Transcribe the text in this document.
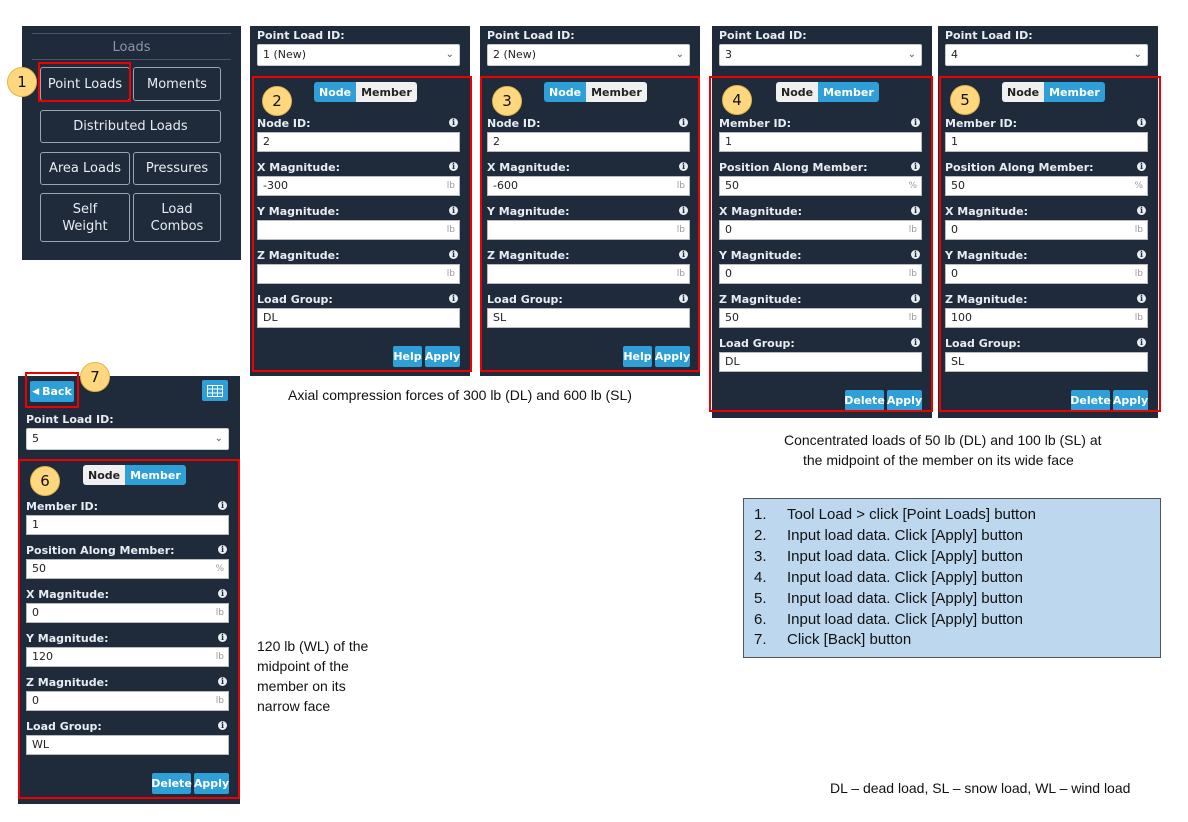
Loads
Point Loads	Moments
Distributed Loads
Area Loads	Pressures
Self
Weight
Load
Combos
1
Point Load ID:
1 (New)	⌄
Node Member
Node ID:	i
2
X Magnitude:	i
-300	lb
Y Magnitude:	i
lb
Z Magnitude:	i
lb
Load Group:	i
DL
Help Apply
2
Point Load ID:
2 (New)	⌄
Node Member
Node ID:	i
2
X Magnitude:	i
-600	lb
Y Magnitude:	i
lb
Z Magnitude:	i
lb
Load Group:	i
SL
Help Apply
3
Point Load ID:
3	⌄
Node Member
Member ID:	i
1
Position Along Member:	i
50	%
X Magnitude:	i
0	lb
Y Magnitude:	i
0	lb
Z Magnitude:	i
50	lb
Load Group:	i
DL
Delete Apply
4
Point Load ID:
4	⌄
Node Member
Member ID:	i
1
Position Along Member:	i
50	%
X Magnitude:	i
0	lb
Y Magnitude:	i
0	lb
Z Magnitude:	i
100	lb
Load Group:	i
SL
Delete Apply
5
◀ Back
Point Load ID:
5	⌄
Node Member
Member ID:	i
1
Position Along Member:	i
50	%
X Magnitude:	i
0	lb
Y Magnitude:	i
120	lb
Z Magnitude:	i
0	lb
Load Group:	i
WL
Delete Apply
7
6
Axial compression forces of 300 lb (DL) and 600 lb (SL)
Concentrated loads of 50 lb (DL) and 100 lb (SL) at
the midpoint of the member on its wide face
120 lb (WL) of the
midpoint of the
member on its
narrow face
DL – dead load, SL – snow load, WL – wind load
1. Tool Load > click [Point Loads] button
2. Input load data. Click [Apply] button
3. Input load data. Click [Apply] button
4. Input load data. Click [Apply] button
5. Input load data. Click [Apply] button
6. Input load data. Click [Apply] button
7. Click [Back] button
